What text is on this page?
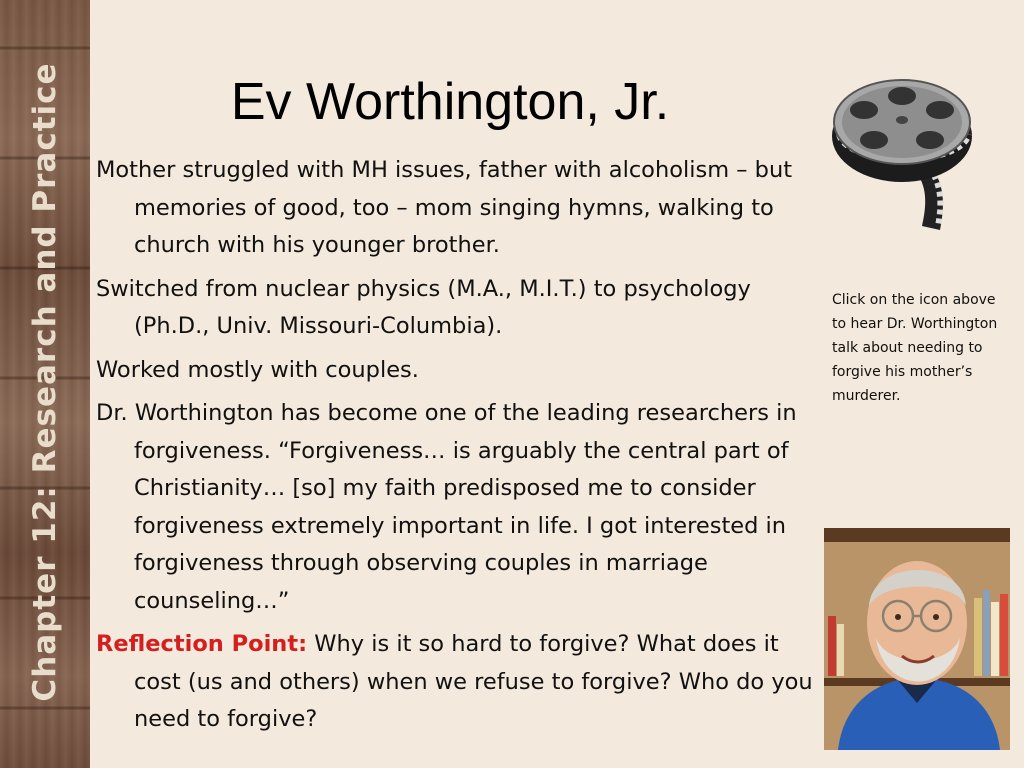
Chapter 12: Research and Practice	Ev Worthington, Jr.

Mother struggled with MH issues, father with alcoholism – but memories of good, too – mom singing hymns, walking to church with his younger brother.

Switched from nuclear physics (M.A., M.I.T.) to psychology (Ph.D., Univ. Missouri-Columbia).

Worked mostly with couples.

Dr. Worthington has become one of the leading researchers in forgiveness. “Forgiveness… is arguably the central part of Christianity… [so] my faith predisposed me to consider forgiveness extremely important in life. I got interested in forgiveness through observing couples in marriage counseling…”

Reflection Point: Why is it so hard to forgive? What does it cost (us and others) when we refuse to forgive? Who do you need to forgive?

Click on the icon above to hear Dr. Worthington talk about needing to forgive his mother’s murderer.
